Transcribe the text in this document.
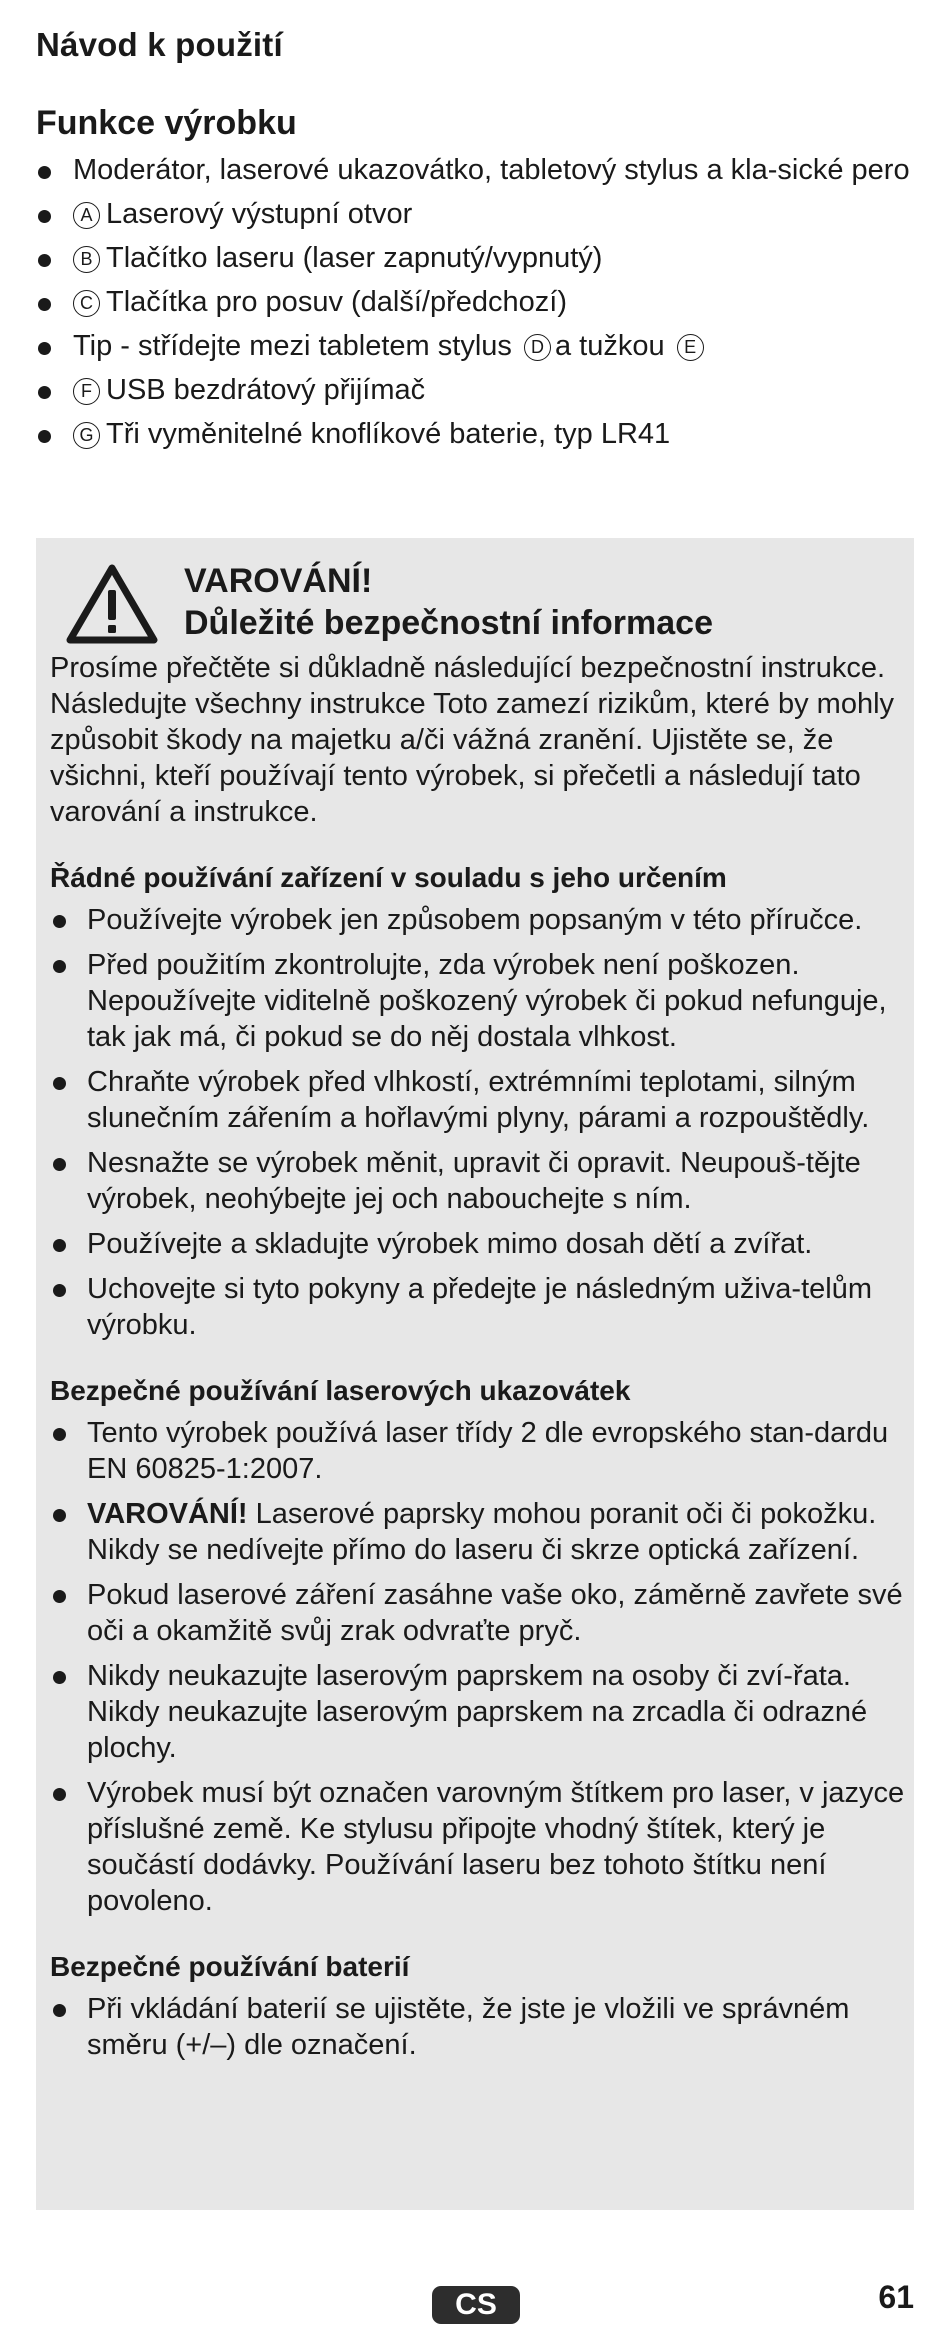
Návod k použití
Funkce výrobku
Moderátor, laserové ukazovátko, tabletový stylus a kla-sické pero
A Laserový výstupní otvor
B Tlačítko laseru (laser zapnutý/vypnutý)
C Tlačítka pro posuv (další/předchozí)
Tip - střídejte mezi tabletem stylus D a tužkou E
F USB bezdrátový přijímač
G Tři vyměnitelné knoflíkové baterie, typ LR41
VAROVÁNÍ!
Důležité bezpečnostní informace

Prosíme přečtěte si důkladně následující bezpečnostní instrukce. Následujte všechny instrukce Toto zamezí rizikům, které by mohly způsobit škody na majetku a/či vážná zranění. Ujistěte se, že všichni, kteří používají tento výrobek, si přečetli a následují tato varování a instrukce.

Řádné používání zařízení v souladu s jeho určením
Používejte výrobek jen způsobem popsaným v této příručce.
Před použitím zkontrolujte, zda výrobek není poškozen. Nepoužívejte viditelně poškozený výrobek či pokud nefunguje, tak jak má, či pokud se do něj dostala vlhkost.
Chraňte výrobek před vlhkostí, extrémními teplotami, silným slunečním zářením a hořlavými plyny, párami a rozpouštědly.
Nesnažte se výrobek měnit, upravit či opravit. Neupouš-tějte výrobek, neohýbejte jej och nabouchejte s ním.
Používejte a skladujte výrobek mimo dosah dětí a zvířat.
Uchovejte si tyto pokyny a předejte je následným uživa-telům výrobku.
Bezpečné používání laserových ukazovátek
Tento výrobek používá laser třídy 2 dle evropského stan-dardu EN 60825-1:2007.
VAROVÁNÍ! Laserové paprsky mohou poranit oči či pokožku. Nikdy se nedívejte přímo do laseru či skrze optická zařízení.
Pokud laserové záření zasáhne vaše oko, záměrně zavřete své oči a okamžitě svůj zrak odvraťte pryč.
Nikdy neukazujte laserovým paprskem na osoby či zví-řata. Nikdy neukazujte laserovým paprskem na zrcadla či odrazné plochy.
Výrobek musí být označen varovným štítkem pro laser, v jazyce příslušné země. Ke stylusu připojte vhodný štítek, který je součástí dodávky. Používání laseru bez tohoto štítku není povoleno.
Bezpečné používání baterií
Při vkládání baterií se ujistěte, že jste je vložili ve správném směru (+/–) dle označení.
CS	61
